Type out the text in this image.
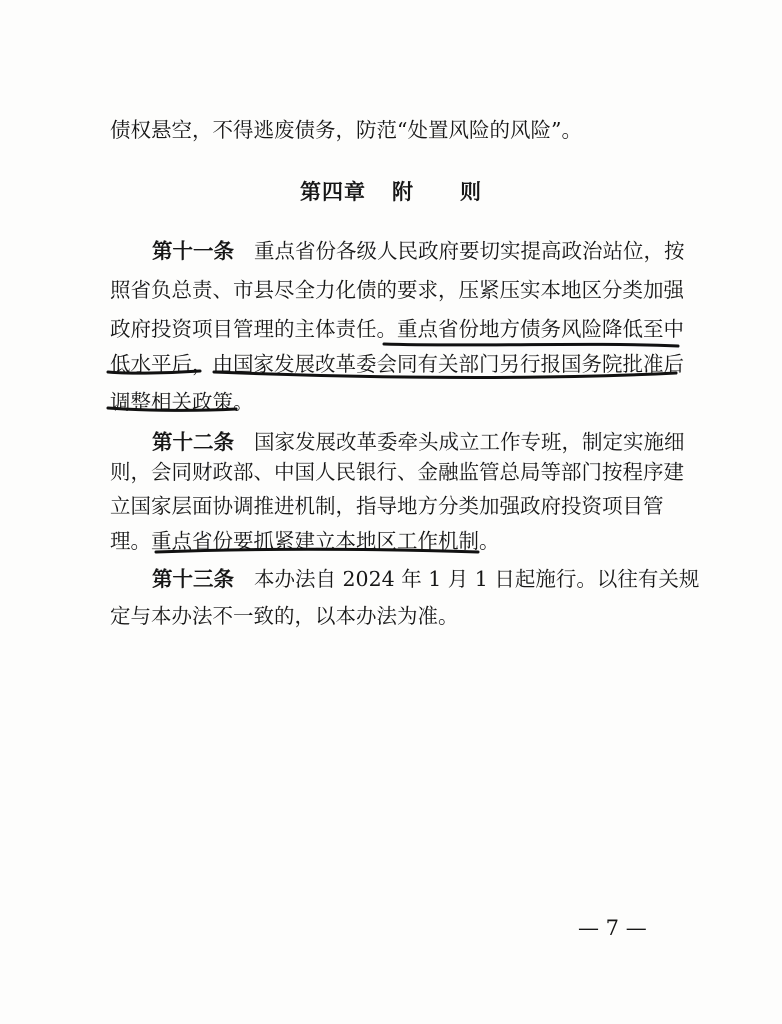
债权悬空，不得逃废债务，防范“处置风险的风险”。
第四章 附 则
第十一条 重点省份各级人民政府要切实提高政治站位，按
照省负总责、市县尽全力化债的要求，压紧压实本地区分类加强
政府投资项目管理的主体责任。重点省份地方债务风险降低至中
低水平后，由国家发展改革委会同有关部门另行报国务院批准后
调整相关政策。
第十二条 国家发展改革委牵头成立工作专班，制定实施细
则，会同财政部、中国人民银行、金融监管总局等部门按程序建
立国家层面协调推进机制，指导地方分类加强政府投资项目管
理。重点省份要抓紧建立本地区工作机制。
第十三条 本办法自 2024 年 1 月 1 日起施行。以往有关规
定与本办法不一致的，以本办法为准。
— 7 —
